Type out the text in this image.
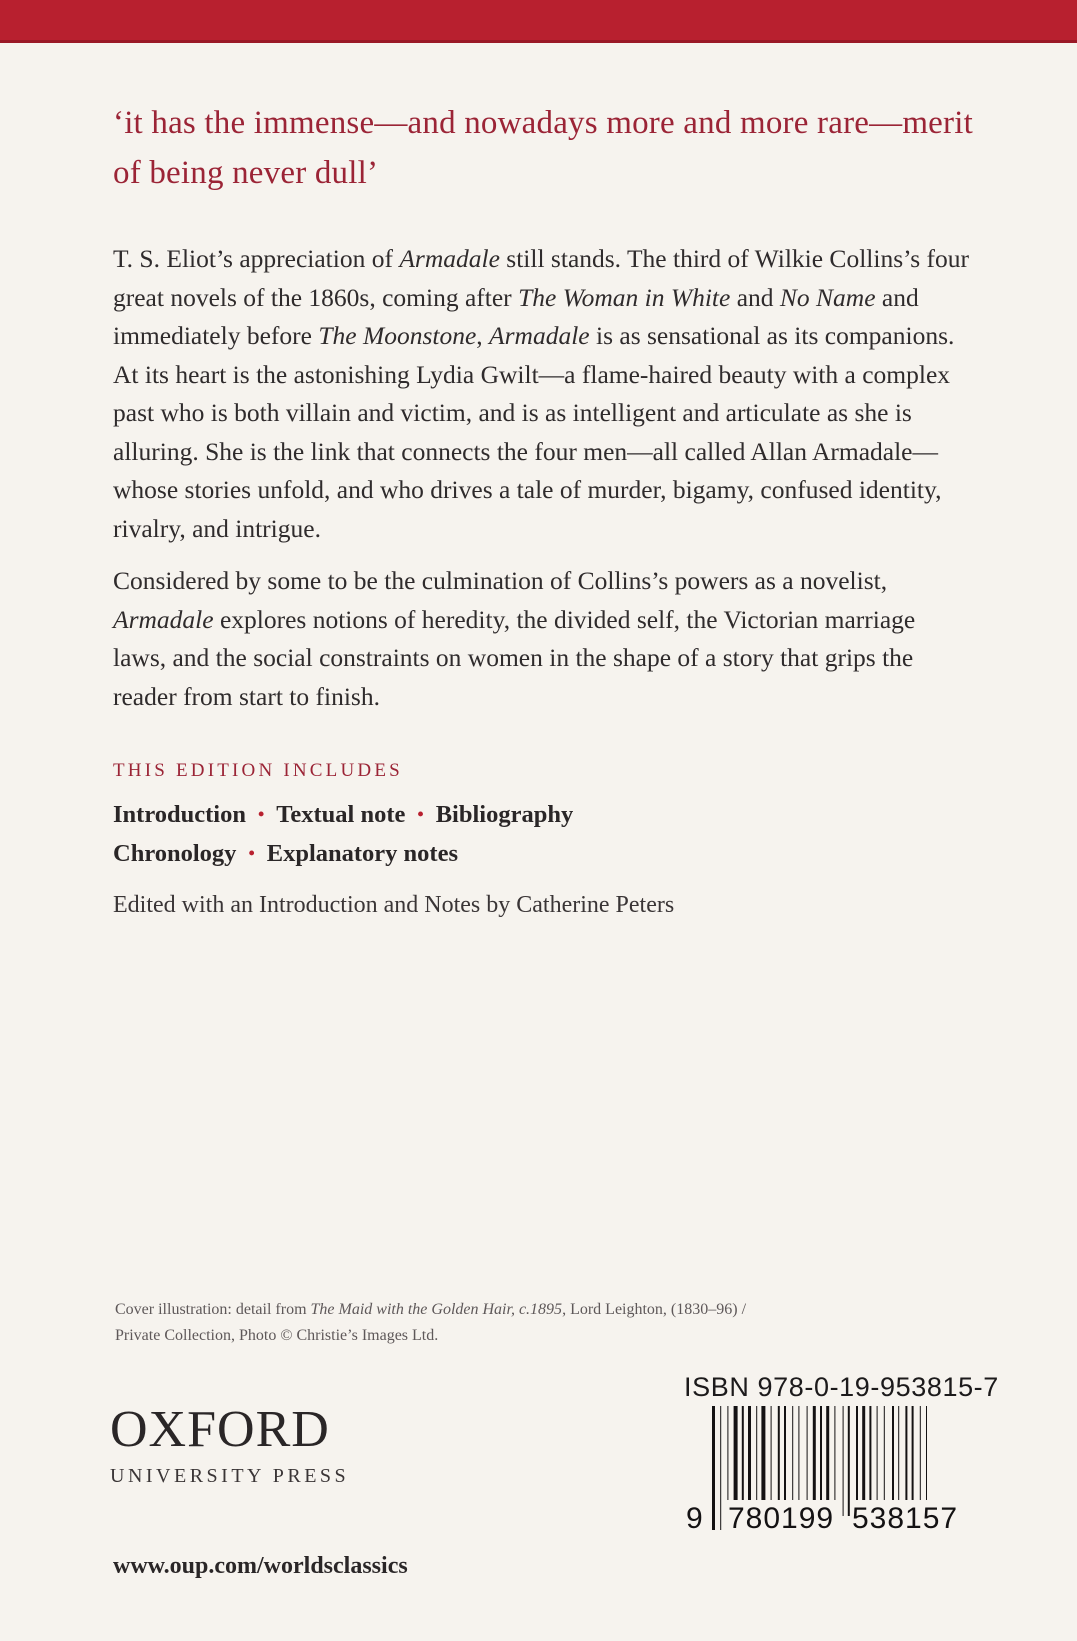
‘it has the immense—and nowadays more and more rare—merit of being never dull’

T. S. Eliot’s appreciation of Armadale still stands. The third of Wilkie Collins’s four great novels of the 1860s, coming after The Woman in White and No Name and immediately before The Moonstone, Armadale is as sensational as its companions. At its heart is the astonishing Lydia Gwilt—a flame-haired beauty with a complex past who is both villain and victim, and is as intelligent and articulate as she is alluring. She is the link that connects the four men—all called Allan Armadale—whose stories unfold, and who drives a tale of murder, bigamy, confused identity, rivalry, and intrigue.

Considered by some to be the culmination of Collins’s powers as a novelist, Armadale explores notions of heredity, the divided self, the Victorian marriage laws, and the social constraints on women in the shape of a story that grips the reader from start to finish.

THIS EDITION INCLUDES

Introduction • Textual note • Bibliography

Chronology • Explanatory notes

Edited with an Introduction and Notes by Catherine Peters

Cover illustration: detail from The Maid with the Golden Hair, c.1895, Lord Leighton, (1830–96) / Private Collection, Photo © Christie’s Images Ltd.
OXFORD
UNIVERSITY PRESS
ISBN 978-0-19-953815-7
9 780199 538157
www.oup.com/worldsclassics
